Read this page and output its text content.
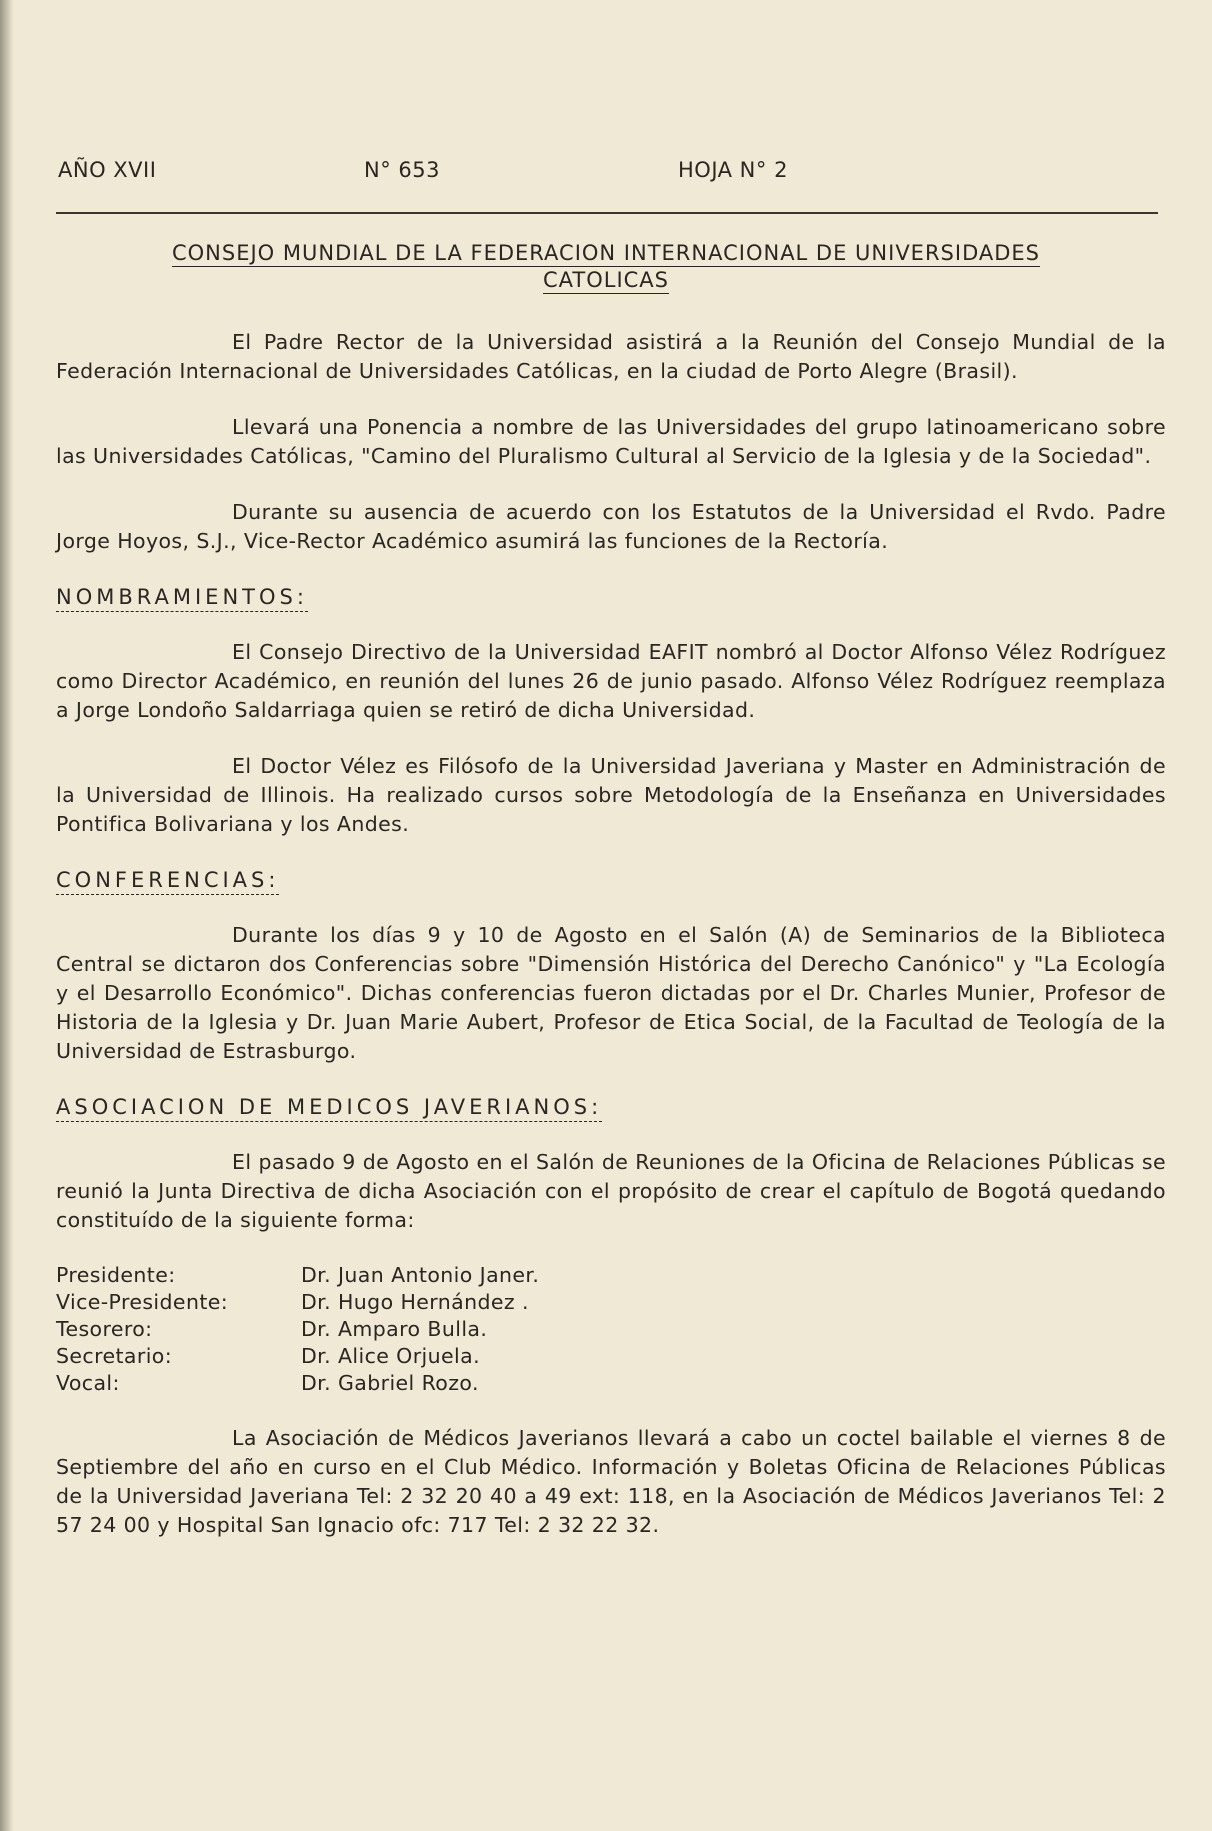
AÑO XVII	N° 653	HOJA N° 2
CONSEJO MUNDIAL DE LA FEDERACION INTERNACIONAL DE UNIVERSIDADES
CATOLICAS

El Padre Rector de la Universidad asistirá a la Reunión del Consejo Mundial de la Federación Internacional de Universidades Católicas, en la ciudad de Porto Alegre (Brasil).

Llevará una Ponencia a nombre de las Universidades del grupo latinoamericano sobre las Universidades Católicas, "Camino del Pluralismo Cultural al Servicio de la Iglesia y de la Sociedad".

Durante su ausencia de acuerdo con los Estatutos de la Universidad el Rvdo. Padre Jorge Hoyos, S.J., Vice-Rector Académico asumirá las funciones de la Rectoría.

NOMBRAMIENTOS:

El Consejo Directivo de la Universidad EAFIT nombró al Doctor Alfonso Vélez Rodríguez como Director Académico, en reunión del lunes 26 de junio pasado. Alfonso Vélez Rodríguez reemplaza a Jorge Londoño Saldarriaga quien se retiró de dicha Universidad.

El Doctor Vélez es Filósofo de la Universidad Javeriana y Master en Administración de la Universidad de Illinois. Ha realizado cursos sobre Metodología de la Enseñanza en Universidades Pontifica Bolivariana y los Andes.

CONFERENCIAS:

Durante los días 9 y 10 de Agosto en el Salón (A) de Seminarios de la Biblioteca Central se dictaron dos Conferencias sobre "Dimensión Histórica del Derecho Canónico" y "La Ecología y el Desarrollo Económico". Dichas conferencias fueron dictadas por el Dr. Charles Munier, Profesor de Historia de la Iglesia y Dr. Juan Marie Aubert, Profesor de Etica Social, de la Facultad de Teología de la Universidad de Estrasburgo.

ASOCIACION DE MEDICOS JAVERIANOS:

El pasado 9 de Agosto en el Salón de Reuniones de la Oficina de Relaciones Públicas se reunió la Junta Directiva de dicha Asociación con el propósito de crear el capítulo de Bogotá quedando constituído de la siguiente forma:

Presidente:	Dr. Juan Antonio Janer.
Vice-Presidente:	Dr. Hugo Hernández .
Tesorero:	Dr. Amparo Bulla.
Secretario:	Dr. Alice Orjuela.
Vocal:	Dr. Gabriel Rozo.

La Asociación de Médicos Javerianos llevará a cabo un coctel bailable el viernes 8 de Septiembre del año en curso en el Club Médico. Información y Boletas Oficina de Relaciones Públicas de la Universidad Javeriana Tel: 2 32 20 40 a 49 ext: 118, en la Asociación de Médicos Javerianos Tel: 2 57 24 00 y Hospital San Ignacio ofc: 717 Tel: 2 32 22 32.
